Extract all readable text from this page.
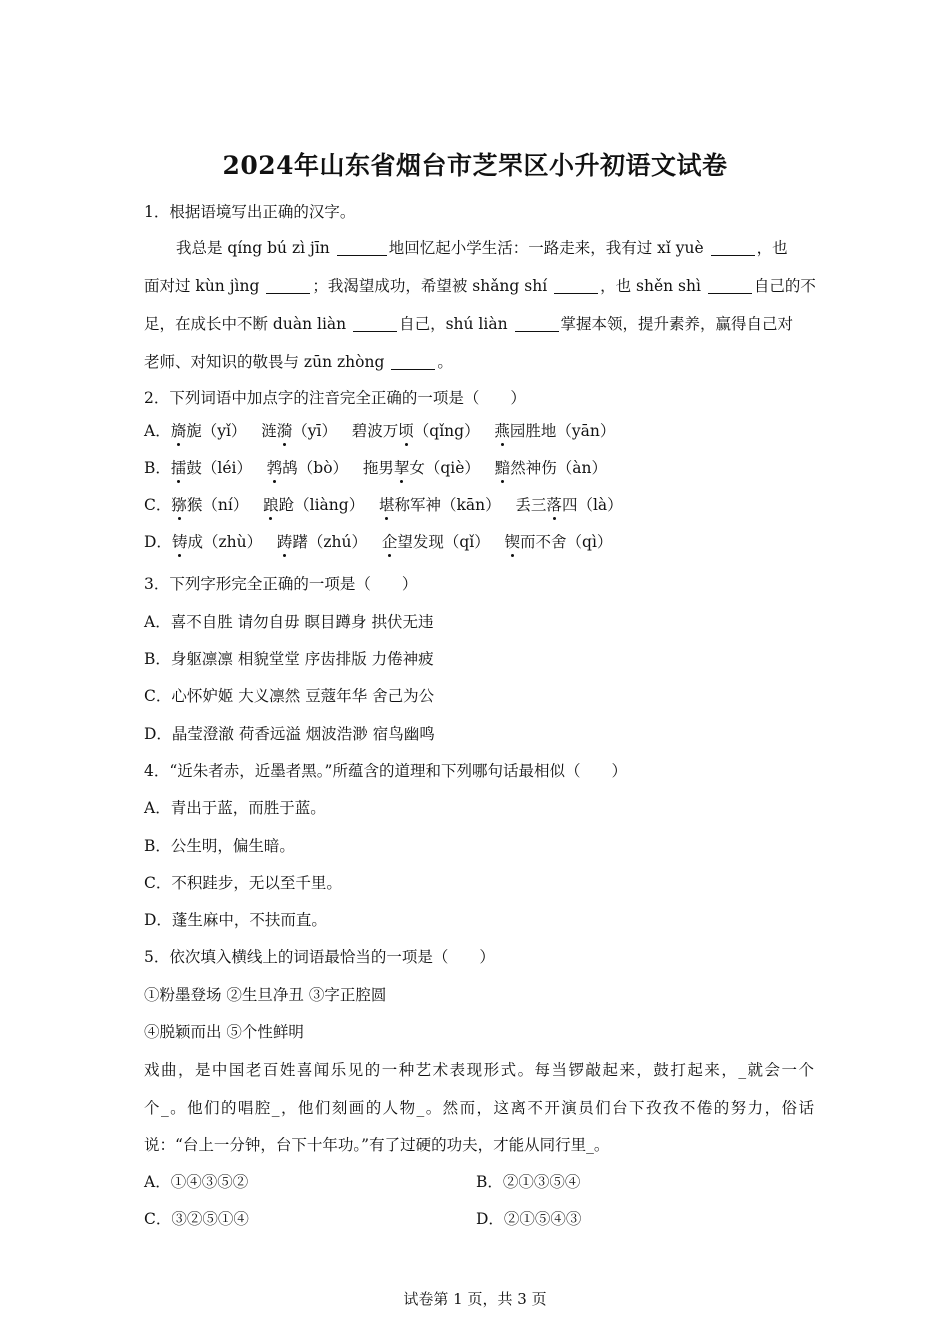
2024年山东省烟台市芝罘区小升初语文试卷
1．根据语境写出正确的汉字。
我总是 qíng bú zì jīn	地回忆起小学生活：一路走来，我有过 xǐ yuè	，也
面对过 kùn jìng	；我渴望成功，希望被 shǎng shí	，也 shěn shì	自己的不
足，在成长中不断 duàn liàn	自己，shú liàn	掌握本领，提升素养，赢得自己对
老师、对知识的敬畏与 zūn zhòng	。
2．下列词语中加点字的注音完全正确的一项是（　　）
A．旖旎（yǐ） 涟漪（yī） 碧波万顷（qǐng） 燕园胜地（yān）
B．擂鼓（léi） 鹁鸪（bò） 拖男挈女（qiè） 黯然神伤（àn）
C．猕猴（ní） 踉跄（liàng） 堪称军神（kān） 丢三落四（là）
D．铸成（zhù） 踌躇（zhú） 企望发现（qǐ） 锲而不舍（qì）
3．下列字形完全正确的一项是（　　）
A．喜不自胜 请勿自毋 瞑目蹲身 拱伏无违
B．身躯凛凛 相貌堂堂 序齿排版 力倦神疲
C．心怀妒姬 大义凛然 豆蔻年华 舍己为公
D．晶莹澄澈 荷香远溢 烟波浩渺 宿鸟幽鸣
4．“近朱者赤，近墨者黑。”所蕴含的道理和下列哪句话最相似（　　）
A．青出于蓝，而胜于蓝。
B．公生明，偏生暗。
C．不积跬步，无以至千里。
D．蓬生麻中，不扶而直。
5．依次填入横线上的词语最恰当的一项是（　　）
①粉墨登场 ②生旦净丑 ③字正腔圆
④脱颖而出 ⑤个性鲜明
戏曲，是中国老百姓喜闻乐见的一种艺术表现形式。每当锣敲起来，鼓打起来，_就会一个
个_。他们的唱腔_，他们刻画的人物_。然而，这离不开演员们台下孜孜不倦的努力，俗话
说：“台上一分钟，台下十年功。”有了过硬的功夫，才能从同行里_。
A．①④③⑤②	B．②①③⑤④
C．③②⑤①④	D．②①⑤④③
试卷第 1 页，共 3 页
